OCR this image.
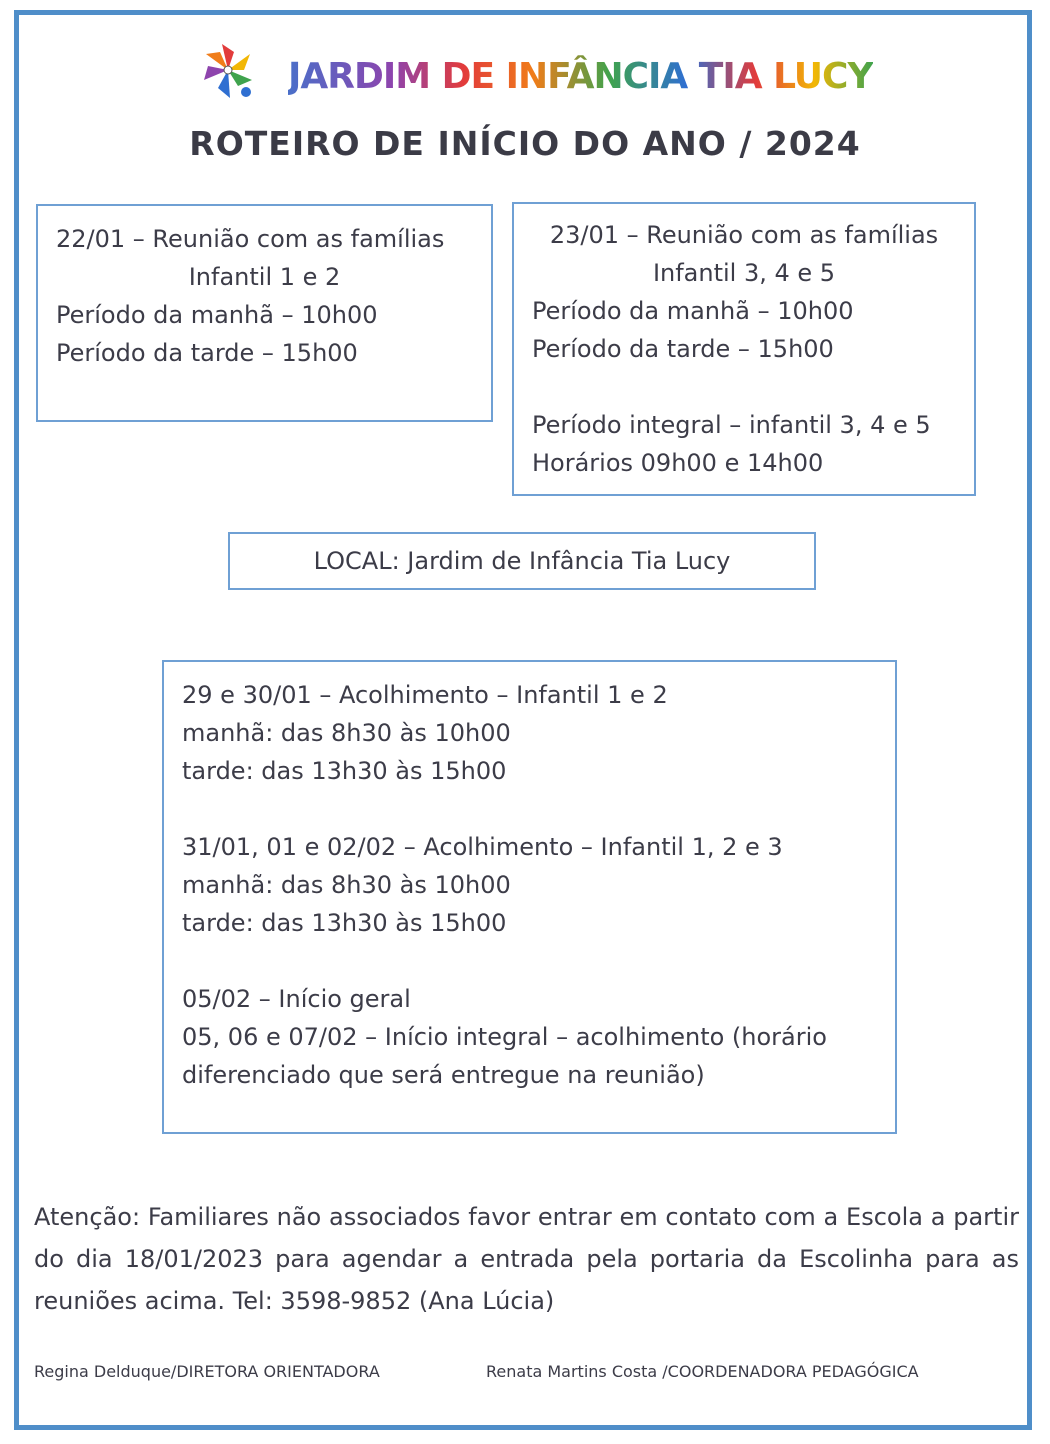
JARDIM DE INFÂNCIA TIA LUCY
ROTEIRO DE INÍCIO DO ANO / 2024
22/01 – Reunião com as famílias
Infantil 1 e 2
Período da manhã – 10h00
Período da tarde – 15h00
23/01 – Reunião com as famílias
Infantil 3, 4 e 5
Período da manhã – 10h00
Período da tarde – 15h00
Período integral – infantil 3, 4 e 5
Horários 09h00 e 14h00
LOCAL: Jardim de Infância Tia Lucy
29 e 30/01 – Acolhimento – Infantil 1 e 2
manhã: das 8h30 às 10h00
tarde: das 13h30 às 15h00
31/01, 01 e 02/02 – Acolhimento – Infantil 1, 2 e 3
manhã: das 8h30 às 10h00
tarde: das 13h30 às 15h00
05/02 – Início geral
05, 06 e 07/02 – Início integral – acolhimento (horário
diferenciado que será entregue na reunião)
Atenção: Familiares não associados favor entrar em contato com a Escola a partir do dia 18/01/2023 para agendar a entrada pela portaria da Escolinha para as reuniões acima. Tel: 3598-9852 (Ana Lúcia)
Regina Delduque/DIRETORA ORIENTADORA	Renata Martins Costa /COORDENADORA PEDAGÓGICA
